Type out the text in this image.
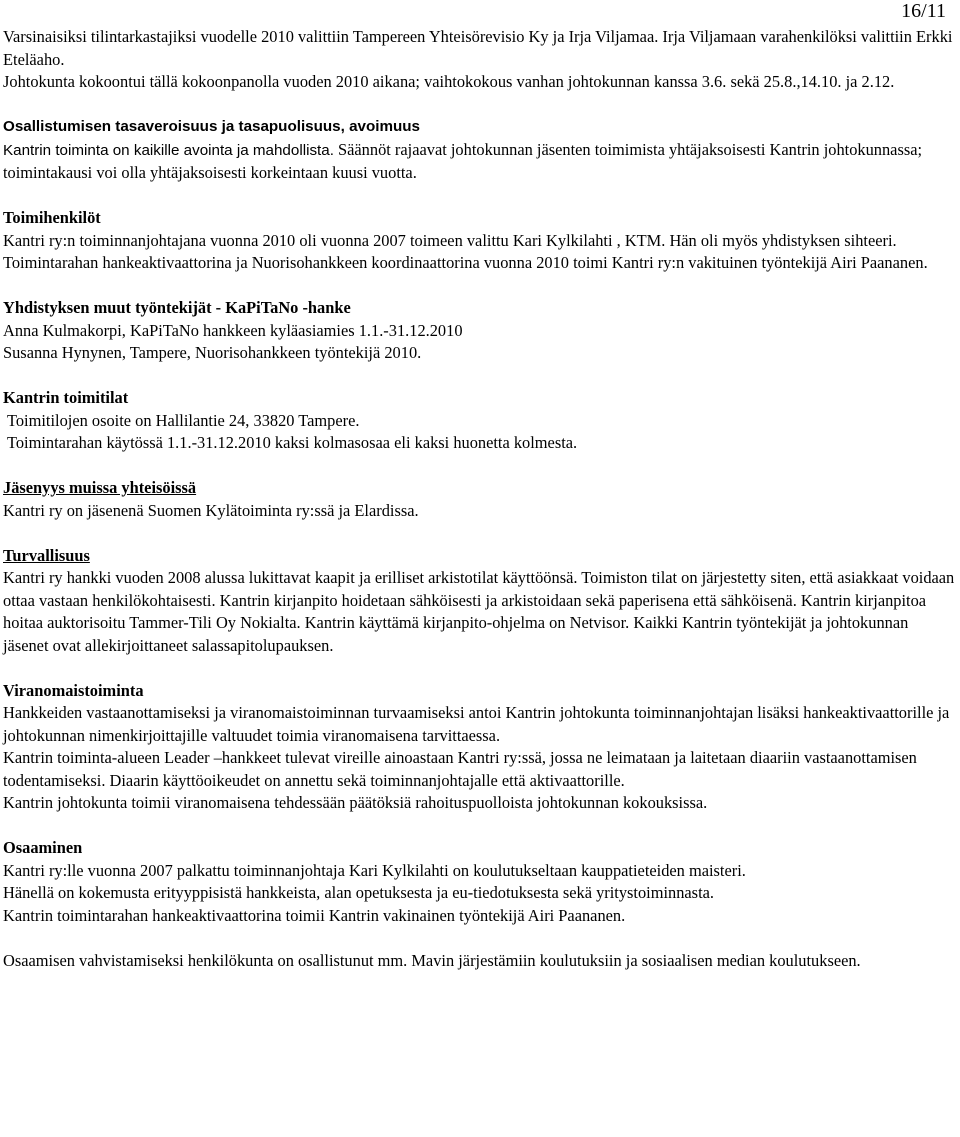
16/11

Varsinaisiksi tilintarkastajiksi vuodelle 2010 valittiin Tampereen Yhteisörevisio Ky ja Irja Viljamaa. Irja Viljamaan varahenkilöksi valittiin Erkki Eteläaho.

Johtokunta kokoontui tällä kokoonpanolla vuoden 2010 aikana; vaihtokokous vanhan johtokunnan kanssa 3.6. sekä 25.8.,14.10. ja 2.12.

Osallistumisen tasaveroisuus ja tasapuolisuus, avoimuus

Kantrin toiminta on kaikille avointa ja mahdollista. Säännöt rajaavat johtokunnan jäsenten toimimista yhtäjaksoisesti Kantrin johtokunnassa; toimintakausi voi olla yhtäjaksoisesti korkeintaan kuusi vuotta.

Toimihenkilöt

Kantri ry:n toiminnanjohtajana vuonna 2010 oli vuonna 2007 toimeen valittu Kari Kylkilahti , KTM. Hän oli myös yhdistyksen sihteeri. Toimintarahan hankeaktivaattorina ja Nuorisohankkeen koordinaattorina vuonna 2010 toimi Kantri ry:n vakituinen työntekijä Airi Paananen.

Yhdistyksen muut työntekijät - KaPiTaNo -hanke

Anna Kulmakorpi, KaPiTaNo hankkeen kyläasiamies 1.1.-31.12.2010

Susanna Hynynen, Tampere, Nuorisohankkeen työntekijä 2010.

Kantrin toimitilat

Toimitilojen osoite on Hallilantie 24, 33820 Tampere.

Toimintarahan käytössä 1.1.-31.12.2010 kaksi kolmasosaa eli kaksi huonetta kolmesta.

Jäsenyys muissa yhteisöissä

Kantri ry on jäsenenä Suomen Kylätoiminta ry:ssä ja Elardissa.

Turvallisuus

Kantri ry hankki vuoden 2008 alussa lukittavat kaapit ja erilliset arkistotilat käyttöönsä. Toimiston tilat on järjestetty siten, että asiakkaat voidaan ottaa vastaan henkilökohtaisesti. Kantrin kirjanpito hoidetaan sähköisesti ja arkistoidaan sekä paperisena että sähköisenä. Kantrin kirjanpitoa hoitaa auktorisoitu Tammer-Tili Oy Nokialta. Kantrin käyttämä kirjanpito-ohjelma on Netvisor. Kaikki Kantrin työntekijät ja johtokunnan jäsenet ovat allekirjoittaneet salassapitolupauksen.

Viranomaistoiminta

Hankkeiden vastaanottamiseksi ja viranomaistoiminnan turvaamiseksi antoi Kantrin johtokunta toiminnanjohtajan lisäksi hankeaktivaattorille ja johtokunnan nimenkirjoittajille valtuudet toimia viranomaisena tarvittaessa.

Kantrin toiminta-alueen Leader –hankkeet tulevat vireille ainoastaan Kantri ry:ssä, jossa ne leimataan ja laitetaan diaariin vastaanottamisen todentamiseksi. Diaarin käyttöoikeudet on annettu sekä toiminnanjohtajalle että aktivaattorille.

Kantrin johtokunta toimii viranomaisena tehdessään päätöksiä rahoituspuolloista johtokunnan kokouksissa.

Osaaminen

Kantri ry:lle vuonna 2007 palkattu toiminnanjohtaja Kari Kylkilahti on koulutukseltaan kauppatieteiden maisteri.

Hänellä on kokemusta erityyppisistä hankkeista, alan opetuksesta ja eu-tiedotuksesta sekä yritystoiminnasta.

Kantrin toimintarahan hankeaktivaattorina toimii Kantrin vakinainen työntekijä Airi Paananen.

Osaamisen vahvistamiseksi henkilökunta on osallistunut mm. Mavin järjestämiin koulutuksiin ja sosiaalisen median koulutukseen.
